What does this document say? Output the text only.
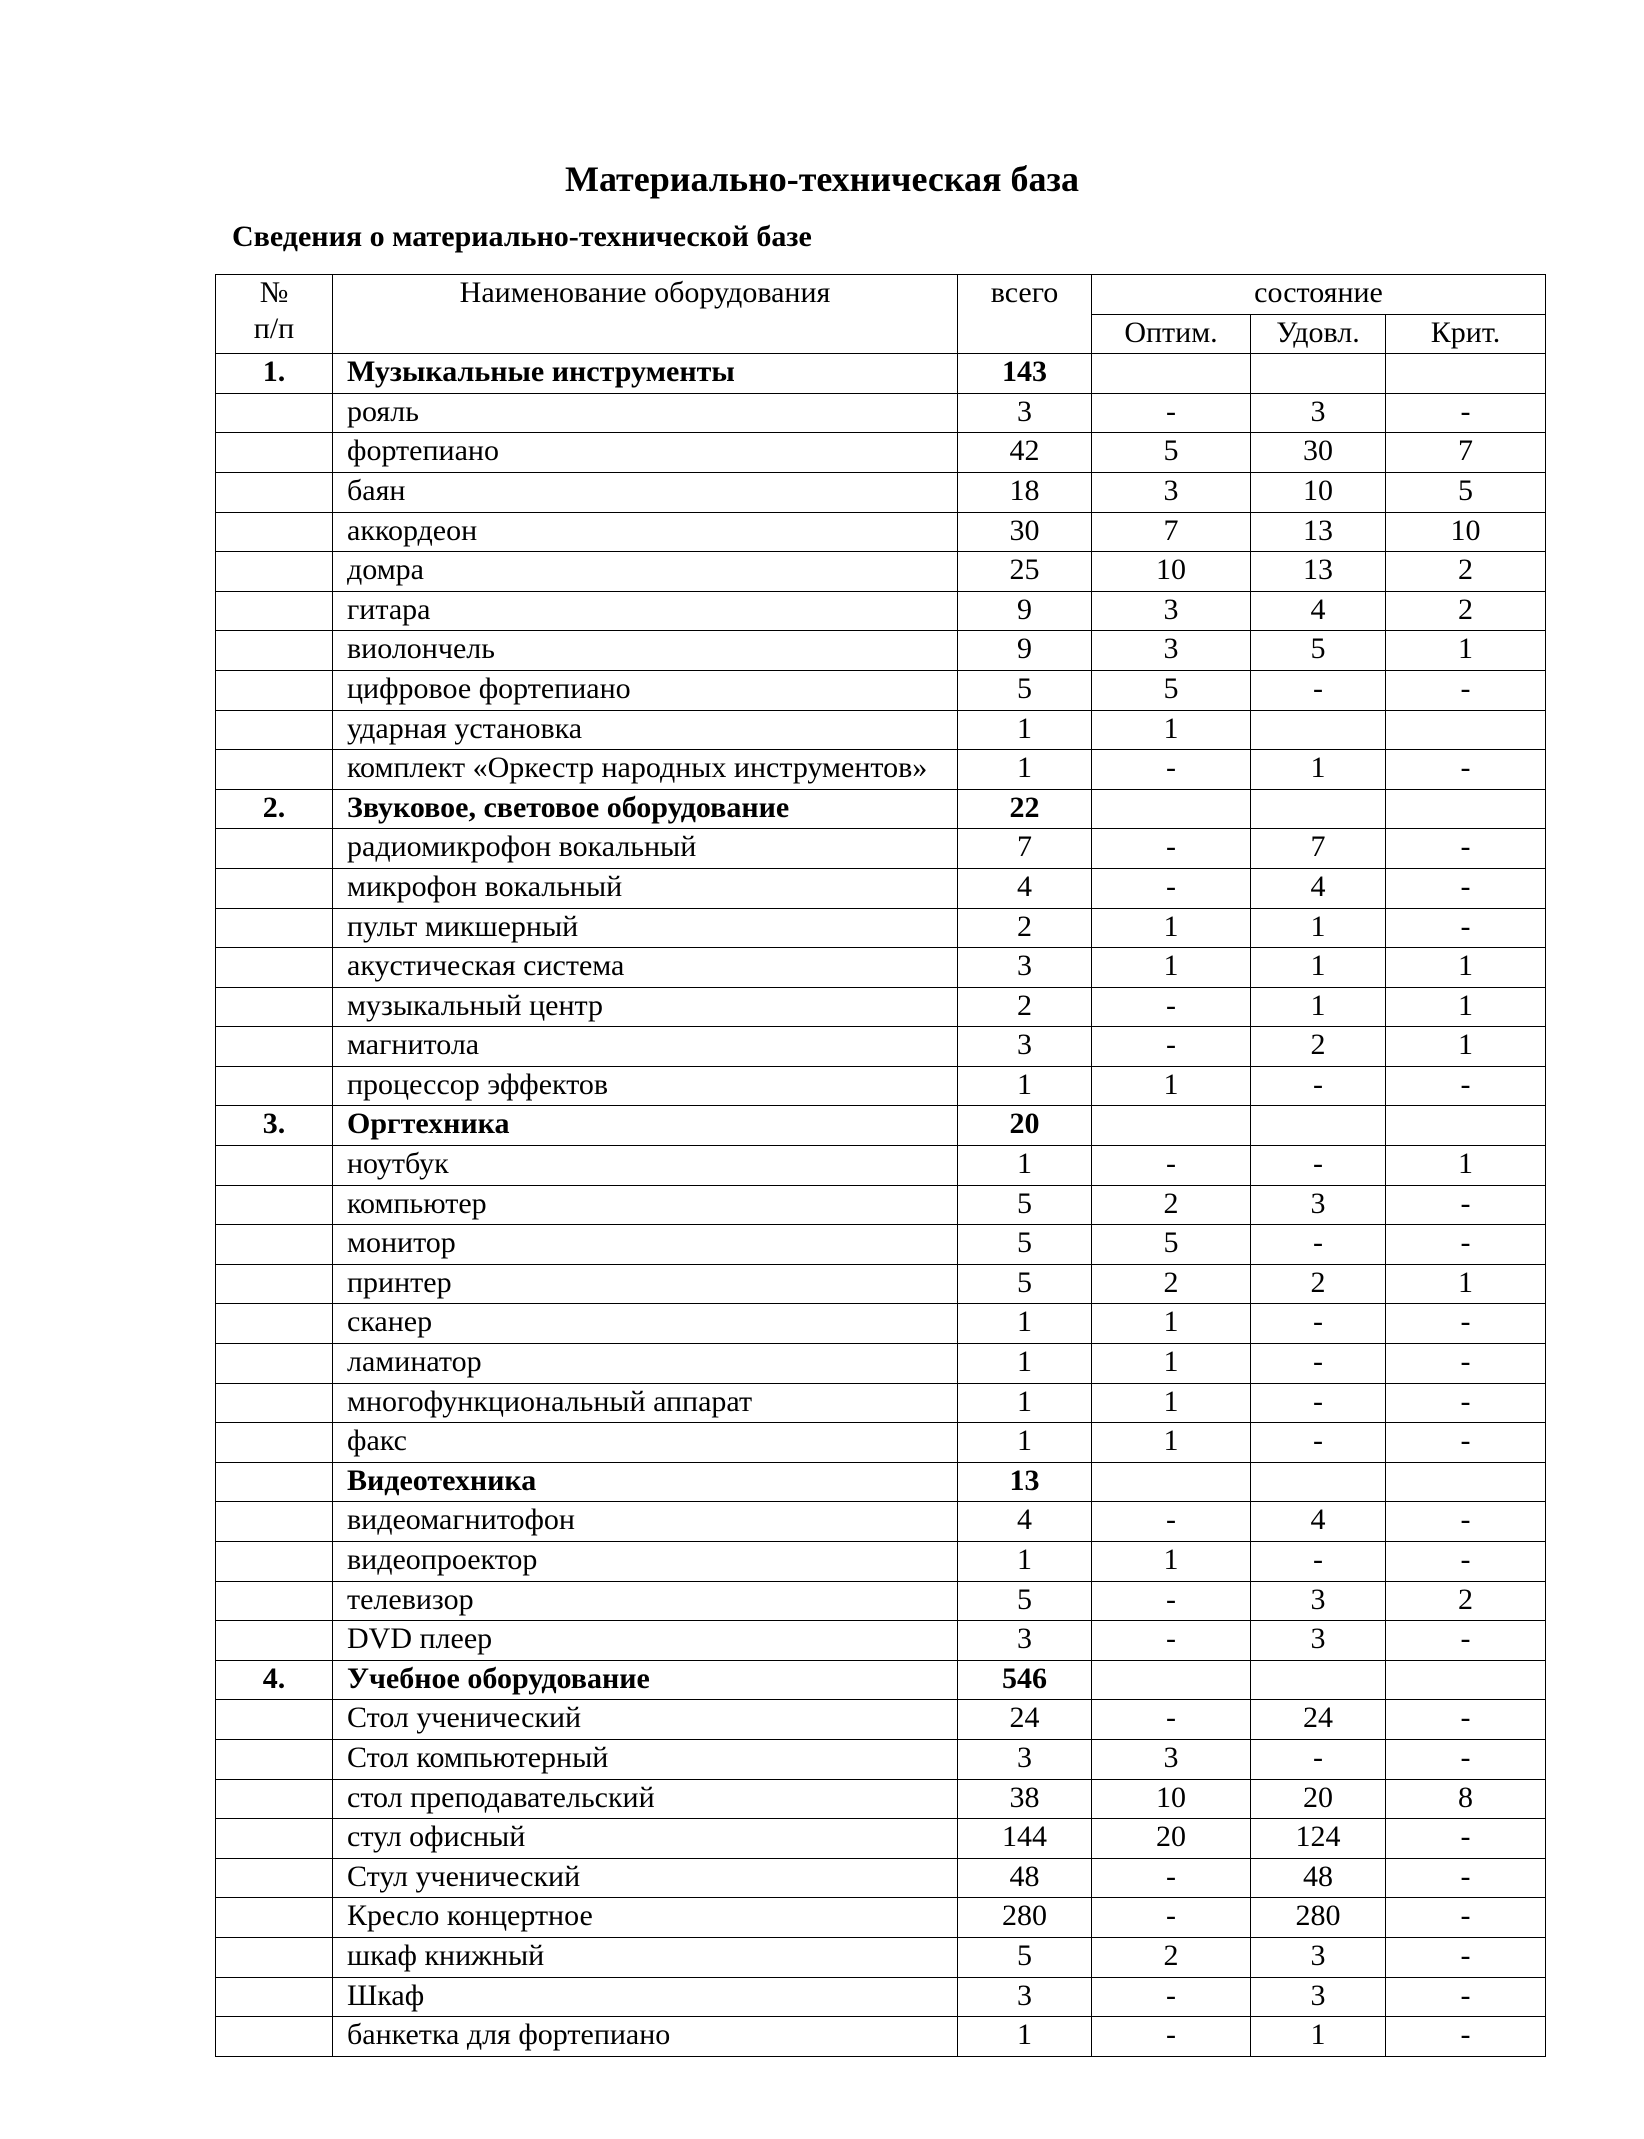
Материально-техническая база
Сведения о материально-технической базе
№
п/п	Наименование оборудования	всего	состояние		
			Оптим.	Удовл.	Крит.
1.	Музыкальные инструменты	143			
	рояль	3	-	3	-
	фортепиано	42	5	30	7
	баян	18	3	10	5
	аккордеон	30	7	13	10
	домра	25	10	13	2
	гитара	9	3	4	2
	виолончель	9	3	5	1
	цифровое фортепиано	5	5	-	-
	ударная установка	1	1		
	комплект «Оркестр народных инструментов»	1	-	1	-
2.	Звуковое, световое оборудование	22			
	радиомикрофон вокальный	7	-	7	-
	микрофон вокальный	4	-	4	-
	пульт микшерный	2	1	1	-
	акустическая система	3	1	1	1
	музыкальный центр	2	-	1	1
	магнитола	3	-	2	1
	процессор эффектов	1	1	-	-
3.	Оргтехника	20			
	ноутбук	1	-	-	1
	компьютер	5	2	3	-
	монитор	5	5	-	-
	принтер	5	2	2	1
	сканер	1	1	-	-
	ламинатор	1	1	-	-
	многофункциональный аппарат	1	1	-	-
	факс	1	1	-	-
	Видеотехника	13			
	видеомагнитофон	4	-	4	-
	видеопроектор	1	1	-	-
	телевизор	5	-	3	2
	DVD плеер	3	-	3	-
4.	Учебное оборудование	546			
	Стол ученический	24	-	24	-
	Стол компьютерный	3	3	-	-
	стол преподавательский	38	10	20	8
	стул офисный	144	20	124	-
	Стул ученический	48	-	48	-
	Кресло концертное	280	-	280	-
	шкаф книжный	5	2	3	-
	Шкаф	3	-	3	-
	банкетка для фортепиано	1	-	1	-
